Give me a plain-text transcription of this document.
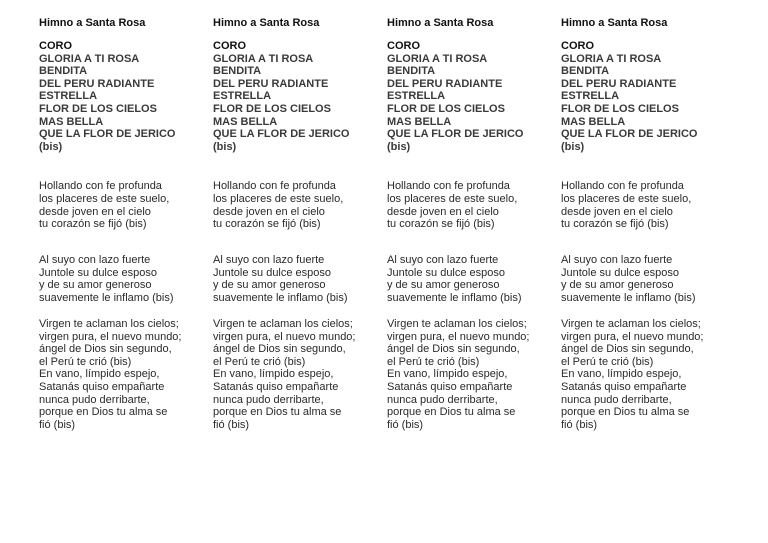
Himno a Santa Rosa
CORO
GLORIA A TI ROSA
BENDITA
DEL PERU RADIANTE
ESTRELLA
FLOR DE LOS CIELOS
MAS BELLA
QUE LA FLOR DE JERICO
(bis)
Hollando con fe profunda
los placeres de este suelo,
desde joven en el cielo
tu corazón se fijó (bis)
Al suyo con lazo fuerte
Juntole su dulce esposo
y de su amor generoso
suavemente le inflamo (bis)
Virgen te aclaman los cielos;
virgen pura, el nuevo mundo;
ángel de Dios sin segundo,
el Perú te crió (bis)
En vano, límpido espejo,
Satanás quiso empañarte
nunca pudo derribarte,
porque en Dios tu alma se
fió (bis)
Himno a Santa Rosa
CORO
GLORIA A TI ROSA
BENDITA
DEL PERU RADIANTE
ESTRELLA
FLOR DE LOS CIELOS
MAS BELLA
QUE LA FLOR DE JERICO
(bis)
Hollando con fe profunda
los placeres de este suelo,
desde joven en el cielo
tu corazón se fijó (bis)
Al suyo con lazo fuerte
Juntole su dulce esposo
y de su amor generoso
suavemente le inflamo (bis)
Virgen te aclaman los cielos;
virgen pura, el nuevo mundo;
ángel de Dios sin segundo,
el Perú te crió (bis)
En vano, límpido espejo,
Satanás quiso empañarte
nunca pudo derribarte,
porque en Dios tu alma se
fió (bis)
Himno a Santa Rosa
CORO
GLORIA A TI ROSA
BENDITA
DEL PERU RADIANTE
ESTRELLA
FLOR DE LOS CIELOS
MAS BELLA
QUE LA FLOR DE JERICO
(bis)
Hollando con fe profunda
los placeres de este suelo,
desde joven en el cielo
tu corazón se fijó (bis)
Al suyo con lazo fuerte
Juntole su dulce esposo
y de su amor generoso
suavemente le inflamo (bis)
Virgen te aclaman los cielos;
virgen pura, el nuevo mundo;
ángel de Dios sin segundo,
el Perú te crió (bis)
En vano, límpido espejo,
Satanás quiso empañarte
nunca pudo derribarte,
porque en Dios tu alma se
fió (bis)
Himno a Santa Rosa
CORO
GLORIA A TI ROSA
BENDITA
DEL PERU RADIANTE
ESTRELLA
FLOR DE LOS CIELOS
MAS BELLA
QUE LA FLOR DE JERICO
(bis)
Hollando con fe profunda
los placeres de este suelo,
desde joven en el cielo
tu corazón se fijó (bis)
Al suyo con lazo fuerte
Juntole su dulce esposo
y de su amor generoso
suavemente le inflamo (bis)
Virgen te aclaman los cielos;
virgen pura, el nuevo mundo;
ángel de Dios sin segundo,
el Perú te crió (bis)
En vano, límpido espejo,
Satanás quiso empañarte
nunca pudo derribarte,
porque en Dios tu alma se
fió (bis)
